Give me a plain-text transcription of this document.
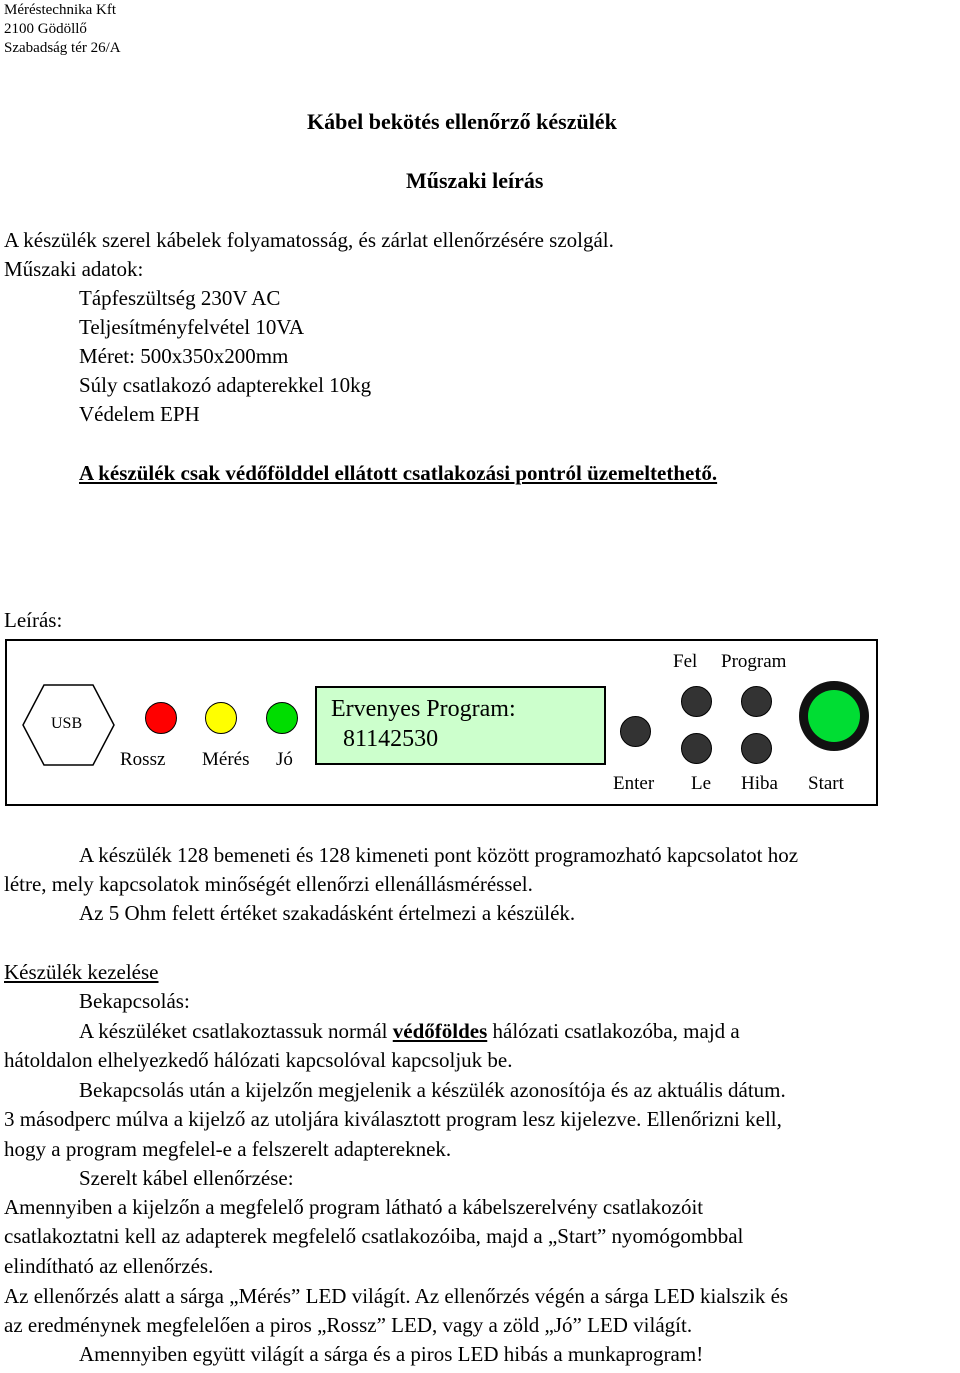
Méréstechnika Kft
2100 Gödöllő
Szabadság tér 26/A
Kábel bekötés ellenőrző készülék
Műszaki leírás
A készülék szerel kábelek folyamatosság, és zárlat ellenőrzésére szolgál.
Műszaki adatok:
Tápfeszültség 230V AC
Teljesítményfelvétel 10VA
Méret: 500x350x200mm
Súly csatlakozó adapterekkel 10kg
Védelem EPH
A készülék csak védőfölddel ellátott csatlakozási pontról üzemeltethető.
Leírás:
USB
Rossz Mérés Jó
Ervenyes Program:
81142530
Fel Program
Enter Le Hiba Start
A készülék 128 bemeneti és 128 kimeneti pont között programozható kapcsolatot hoz
létre, mely kapcsolatok minőségét ellenőrzi ellenállásméréssel.
Az 5 Ohm felett értéket szakadásként értelmezi a készülék.
Készülék kezelése
Bekapcsolás:
A készüléket csatlakoztassuk normál védőföldes hálózati csatlakozóba, majd a
hátoldalon elhelyezkedő hálózati kapcsolóval kapcsoljuk be.
Bekapcsolás után a kijelzőn megjelenik a készülék azonosítója és az aktuális dátum.
3 másodperc múlva a kijelző az utoljára kiválasztott program lesz kijelezve. Ellenőrizni kell,
hogy a program megfelel-e a felszerelt adaptereknek.
Szerelt kábel ellenőrzése:
Amennyiben a kijelzőn a megfelelő program látható a kábelszerelvény csatlakozóit
csatlakoztatni kell az adapterek megfelelő csatlakozóiba, majd a „Start” nyomógombbal
elindítható az ellenőrzés.
Az ellenőrzés alatt a sárga „Mérés” LED világít. Az ellenőrzés végén a sárga LED kialszik és
az eredménynek megfelelően a piros „Rossz” LED, vagy a zöld „Jó” LED világít.
Amennyiben együtt világít a sárga és a piros LED hibás a munkaprogram!
